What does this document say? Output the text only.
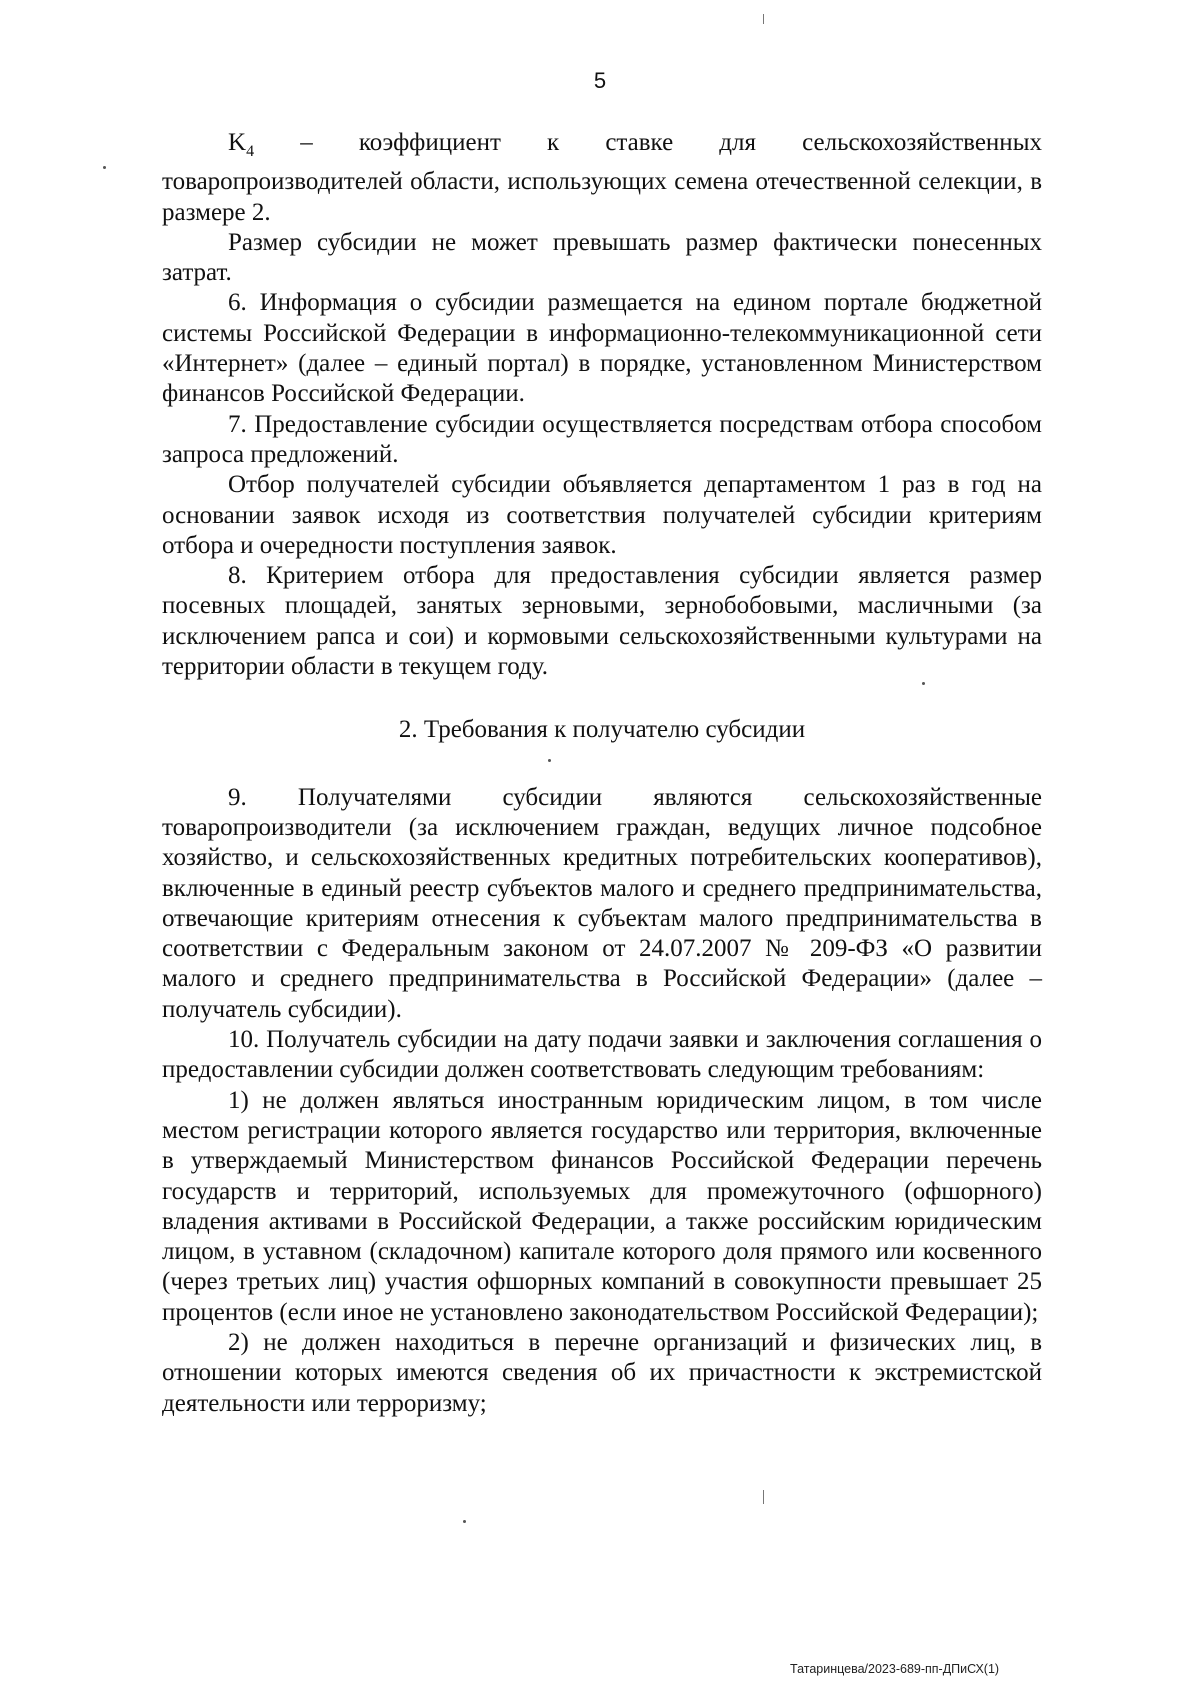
5

$K_4$ – коэффициент к ставке для сельскохозяйственных товаропроизводителей области, использующих семена отечественной селекции, в размере 2.

Размер субсидии не может превышать размер фактически понесенных затрат.

6. Информация о субсидии размещается на едином портале бюджетной системы Российской Федерации в информационно-телекоммуникационной сети «Интернет» (далее – единый портал) в порядке, установленном Министерством финансов Российской Федерации.

7. Предоставление субсидии осуществляется посредствам отбора способом запроса предложений.

Отбор получателей субсидии объявляется департаментом 1 раз в год на основании заявок исходя из соответствия получателей субсидии критериям отбора и очередности поступления заявок.

8. Критерием отбора для предоставления субсидии является размер посевных площадей, занятых зерновыми, зернобобовыми, масличными (за исключением рапса и сои) и кормовыми сельскохозяйственными культурами на территории области в текущем году.

2. Требования к получателю субсидии

9. Получателями субсидии являются сельскохозяйственные товаропроизводители (за исключением граждан, ведущих личное подсобное хозяйство, и сельскохозяйственных кредитных потребительских кооперативов), включенные в единый реестр субъектов малого и среднего предпринимательства, отвечающие критериям отнесения к субъектам малого предпринимательства в соответствии с Федеральным законом от 24.07.2007 № 209-ФЗ «О развитии малого и среднего предпринимательства в Российской Федерации» (далее – получатель субсидии).

10. Получатель субсидии на дату подачи заявки и заключения соглашения о предоставлении субсидии должен соответствовать следующим требованиям:

1) не должен являться иностранным юридическим лицом, в том числе местом регистрации которого является государство или территория, включенные в утверждаемый Министерством финансов Российской Федерации перечень государств и территорий, используемых для промежуточного (офшорного) владения активами в Российской Федерации, а также российским юридическим лицом, в уставном (складочном) капитале которого доля прямого или косвенного (через третьих лиц) участия офшорных компаний в совокупности превышает 25 процентов (если иное не установлено законодательством Российской Федерации);

2) не должен находиться в перечне организаций и физических лиц, в отношении которых имеются сведения об их причастности к экстремистской деятельности или терроризму;

Татаринцева/2023-689-пп-ДПиСХ(1)
